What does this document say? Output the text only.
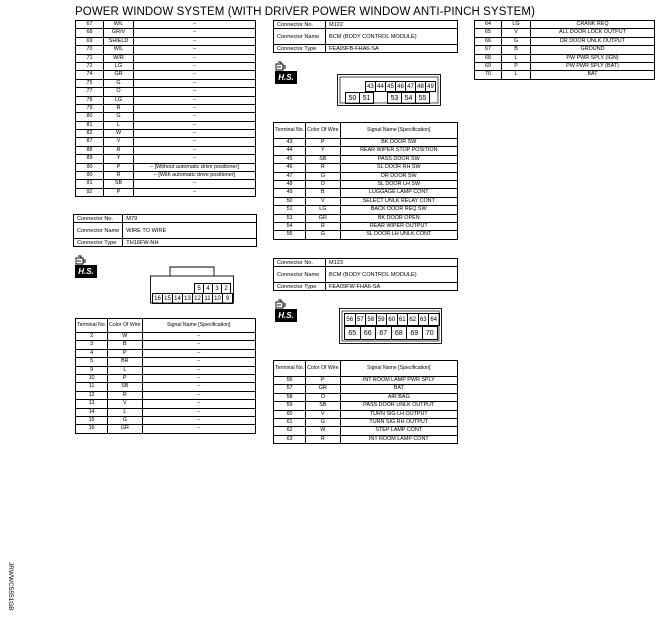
POWER WINDOW SYSTEM (WITH DRIVER POWER WINDOW ANTI-PINCH SYSTEM)
67	W/L	–
68	GR/V	–
69	SHIELD	–
70	W/L	–
71	W/R	–
72	LG	–
74	GR	–
75	G	–
77	O	–
78	LG	–
79	R	–
80	G	–
81	L	–
82	W	–
87	V	–
88	R	–
89	Y	–
90	P	– [Without automatic drive positioner]
90	R	– [With automatic drive positioner]
91	SB	–
92	P	–
Connector No.	M79
Connector Name	WIRE TO WIRE
Connector Type	TH16FW-NH
H.S.
5 4 3 2
16 15 14 13 12 11 10 9
Terminal No.	Color Of Wire	Signal Name [Specification]
2	W	–
3	B	–
4	P	–
5	BR	–
9	L	–
10	P	–
11	SB	–
12	R	–
13	V	–
14	L	–
15	G	–
16	GR	–
Connector No.	M122
Connector Name	BCM (BODY CONTROL MODULE)
Connector Type	FEA09FB-FHA6-SA
H.S.
43 44 45 46 47 48 49
50 51	53 54 55
Terminal No.	Color Of Wire	Signal Name [Specification]
43	P	BK DOOR SW
44	Y	REAR WIPER STOP POSITION
45	SB	PASS DOOR SW
46	R	SL DOOR RH SW
47	G	DR DOOR SW
48	O	SL DOOR LH SW
49	B	LUGGAGE LAMP CONT
50	V	SELECT UNLK RELAY CONT
51	LG	BACK DOOR REQ SW
53	GR	BK DOOR OPEN
54	R	REAR WIPER OUTPUT
55	G	SL DOOR LH UNLK CONT
Connector No.	M123
Connector Name	BCM (BODY CONTROL MODULE)
Connector Type	FEA09FW-FHA6-SA
H.S.	56 57 58 59 60 61 62 63 64
65	66	67	68	69	70
Terminal No.	Color Of Wire	Signal Name [Specification]
56	P	INT ROOM LAMP PWR SPLY
57	GR	BAT
58	O	AIR BAG
59	SB	PASS DOOR UNLK OUTPUT
60	V	TURN SIG LH OUTPUT
61	G	TURN SIG RH OUTPUT
62	W	STEP LAMP CONT
63	R	INT ROOM LAMP CONT
64	LG	CRANK REQ
65	V	ALL DOOR LOCK OUTPUT
66	G	DR DOOR UNLK OUTPUT
67	B	GROUND
68	L	PW PWR SPLY (IGN)
69	P	PW PWR SPLY (BAT)
70	L	BAT
JRWWC5551GB
